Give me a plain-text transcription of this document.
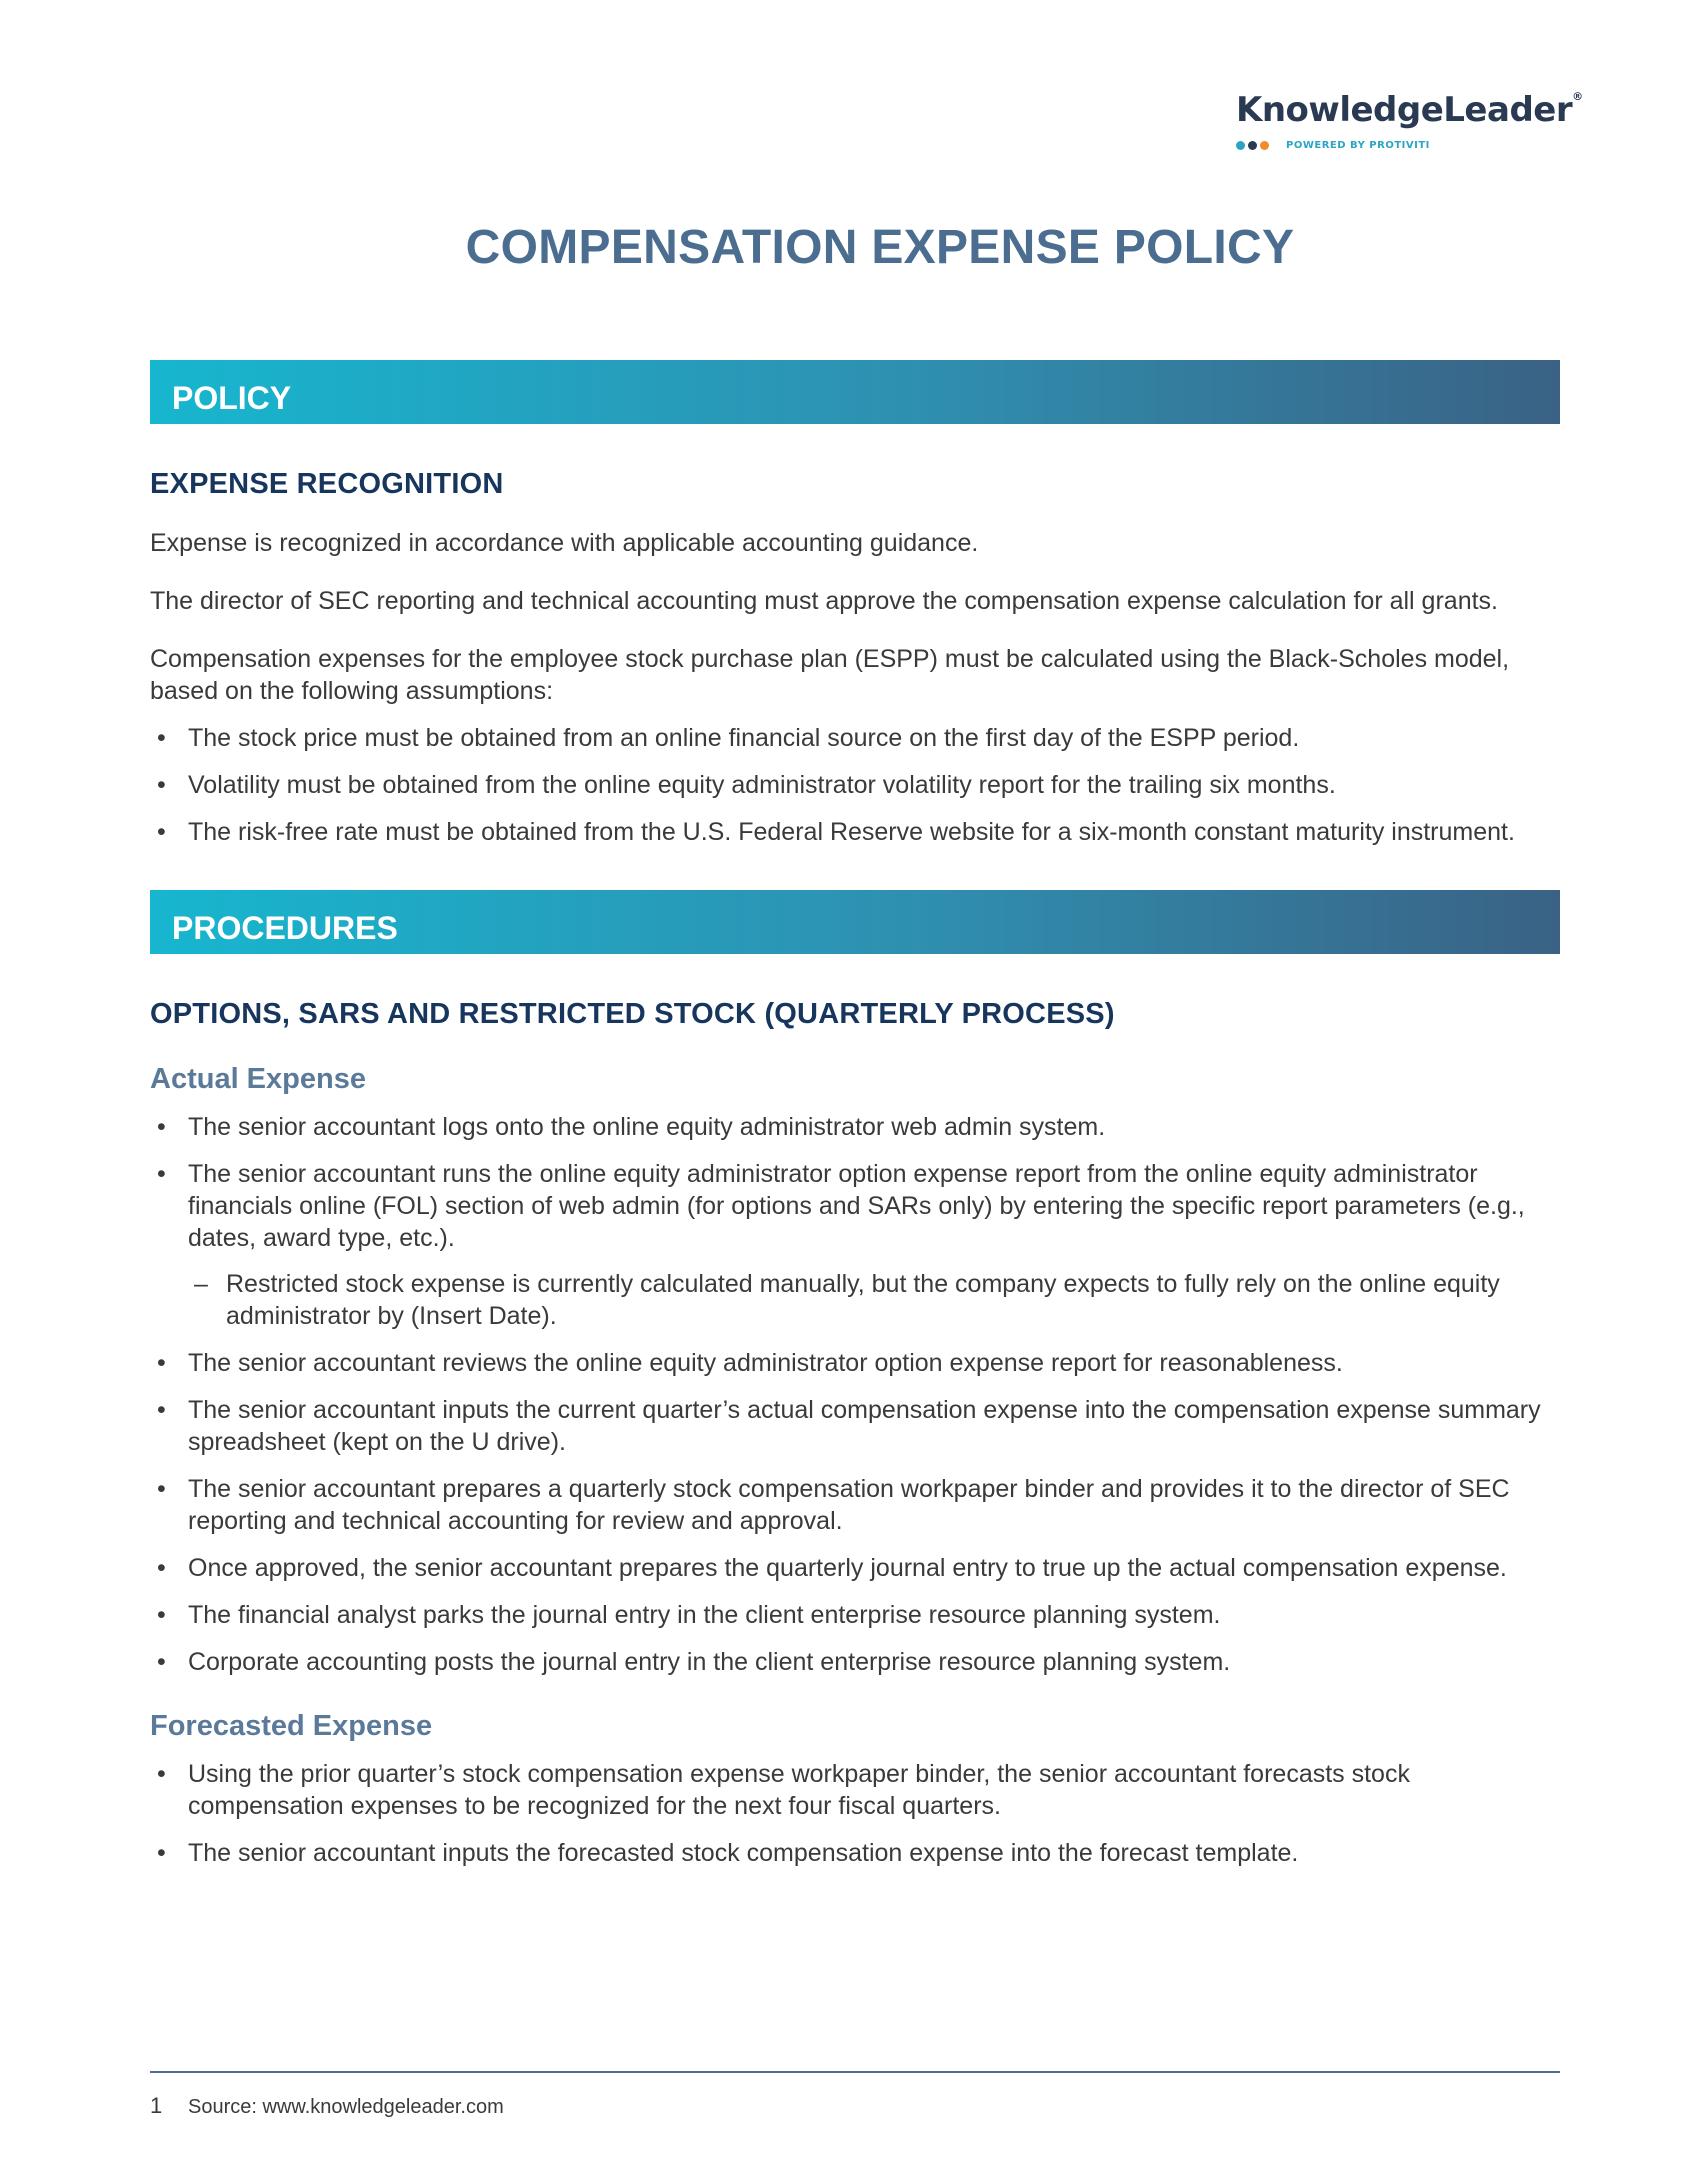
KnowledgeLeader®
POWERED BY PROTIVITI
COMPENSATION EXPENSE POLICY
POLICY
EXPENSE RECOGNITION

Expense is recognized in accordance with applicable accounting guidance.

The director of SEC reporting and technical accounting must approve the compensation expense calculation for all grants.

Compensation expenses for the employee stock purchase plan (ESPP) must be calculated using the Black-Scholes model, based on the following assumptions:

• The stock price must be obtained from an online financial source on the first day of the ESPP period.
• Volatility must be obtained from the online equity administrator volatility report for the trailing six months.
• The risk-free rate must be obtained from the U.S. Federal Reserve website for a six-month constant maturity instrument.
PROCEDURES
OPTIONS, SARS AND RESTRICTED STOCK (QUARTERLY PROCESS)
Actual Expense
• The senior accountant logs onto the online equity administrator web admin system.
• The senior accountant runs the online equity administrator option expense report from the online equity administrator financials online (FOL) section of web admin (for options and SARs only) by entering the specific report parameters (e.g., dates, award type, etc.).
– Restricted stock expense is currently calculated manually, but the company expects to fully rely on the online equity administrator by (Insert Date).
• The senior accountant reviews the online equity administrator option expense report for reasonableness.
• The senior accountant inputs the current quarter’s actual compensation expense into the compensation expense summary spreadsheet (kept on the U drive).
• The senior accountant prepares a quarterly stock compensation workpaper binder and provides it to the director of SEC reporting and technical accounting for review and approval.
• Once approved, the senior accountant prepares the quarterly journal entry to true up the actual compensation expense.
• The financial analyst parks the journal entry in the client enterprise resource planning system.
• Corporate accounting posts the journal entry in the client enterprise resource planning system.
Forecasted Expense
• Using the prior quarter’s stock compensation expense workpaper binder, the senior accountant forecasts stock compensation expenses to be recognized for the next four fiscal quarters.
• The senior accountant inputs the forecasted stock compensation expense into the forecast template.
1 Source: www.knowledgeleader.com
